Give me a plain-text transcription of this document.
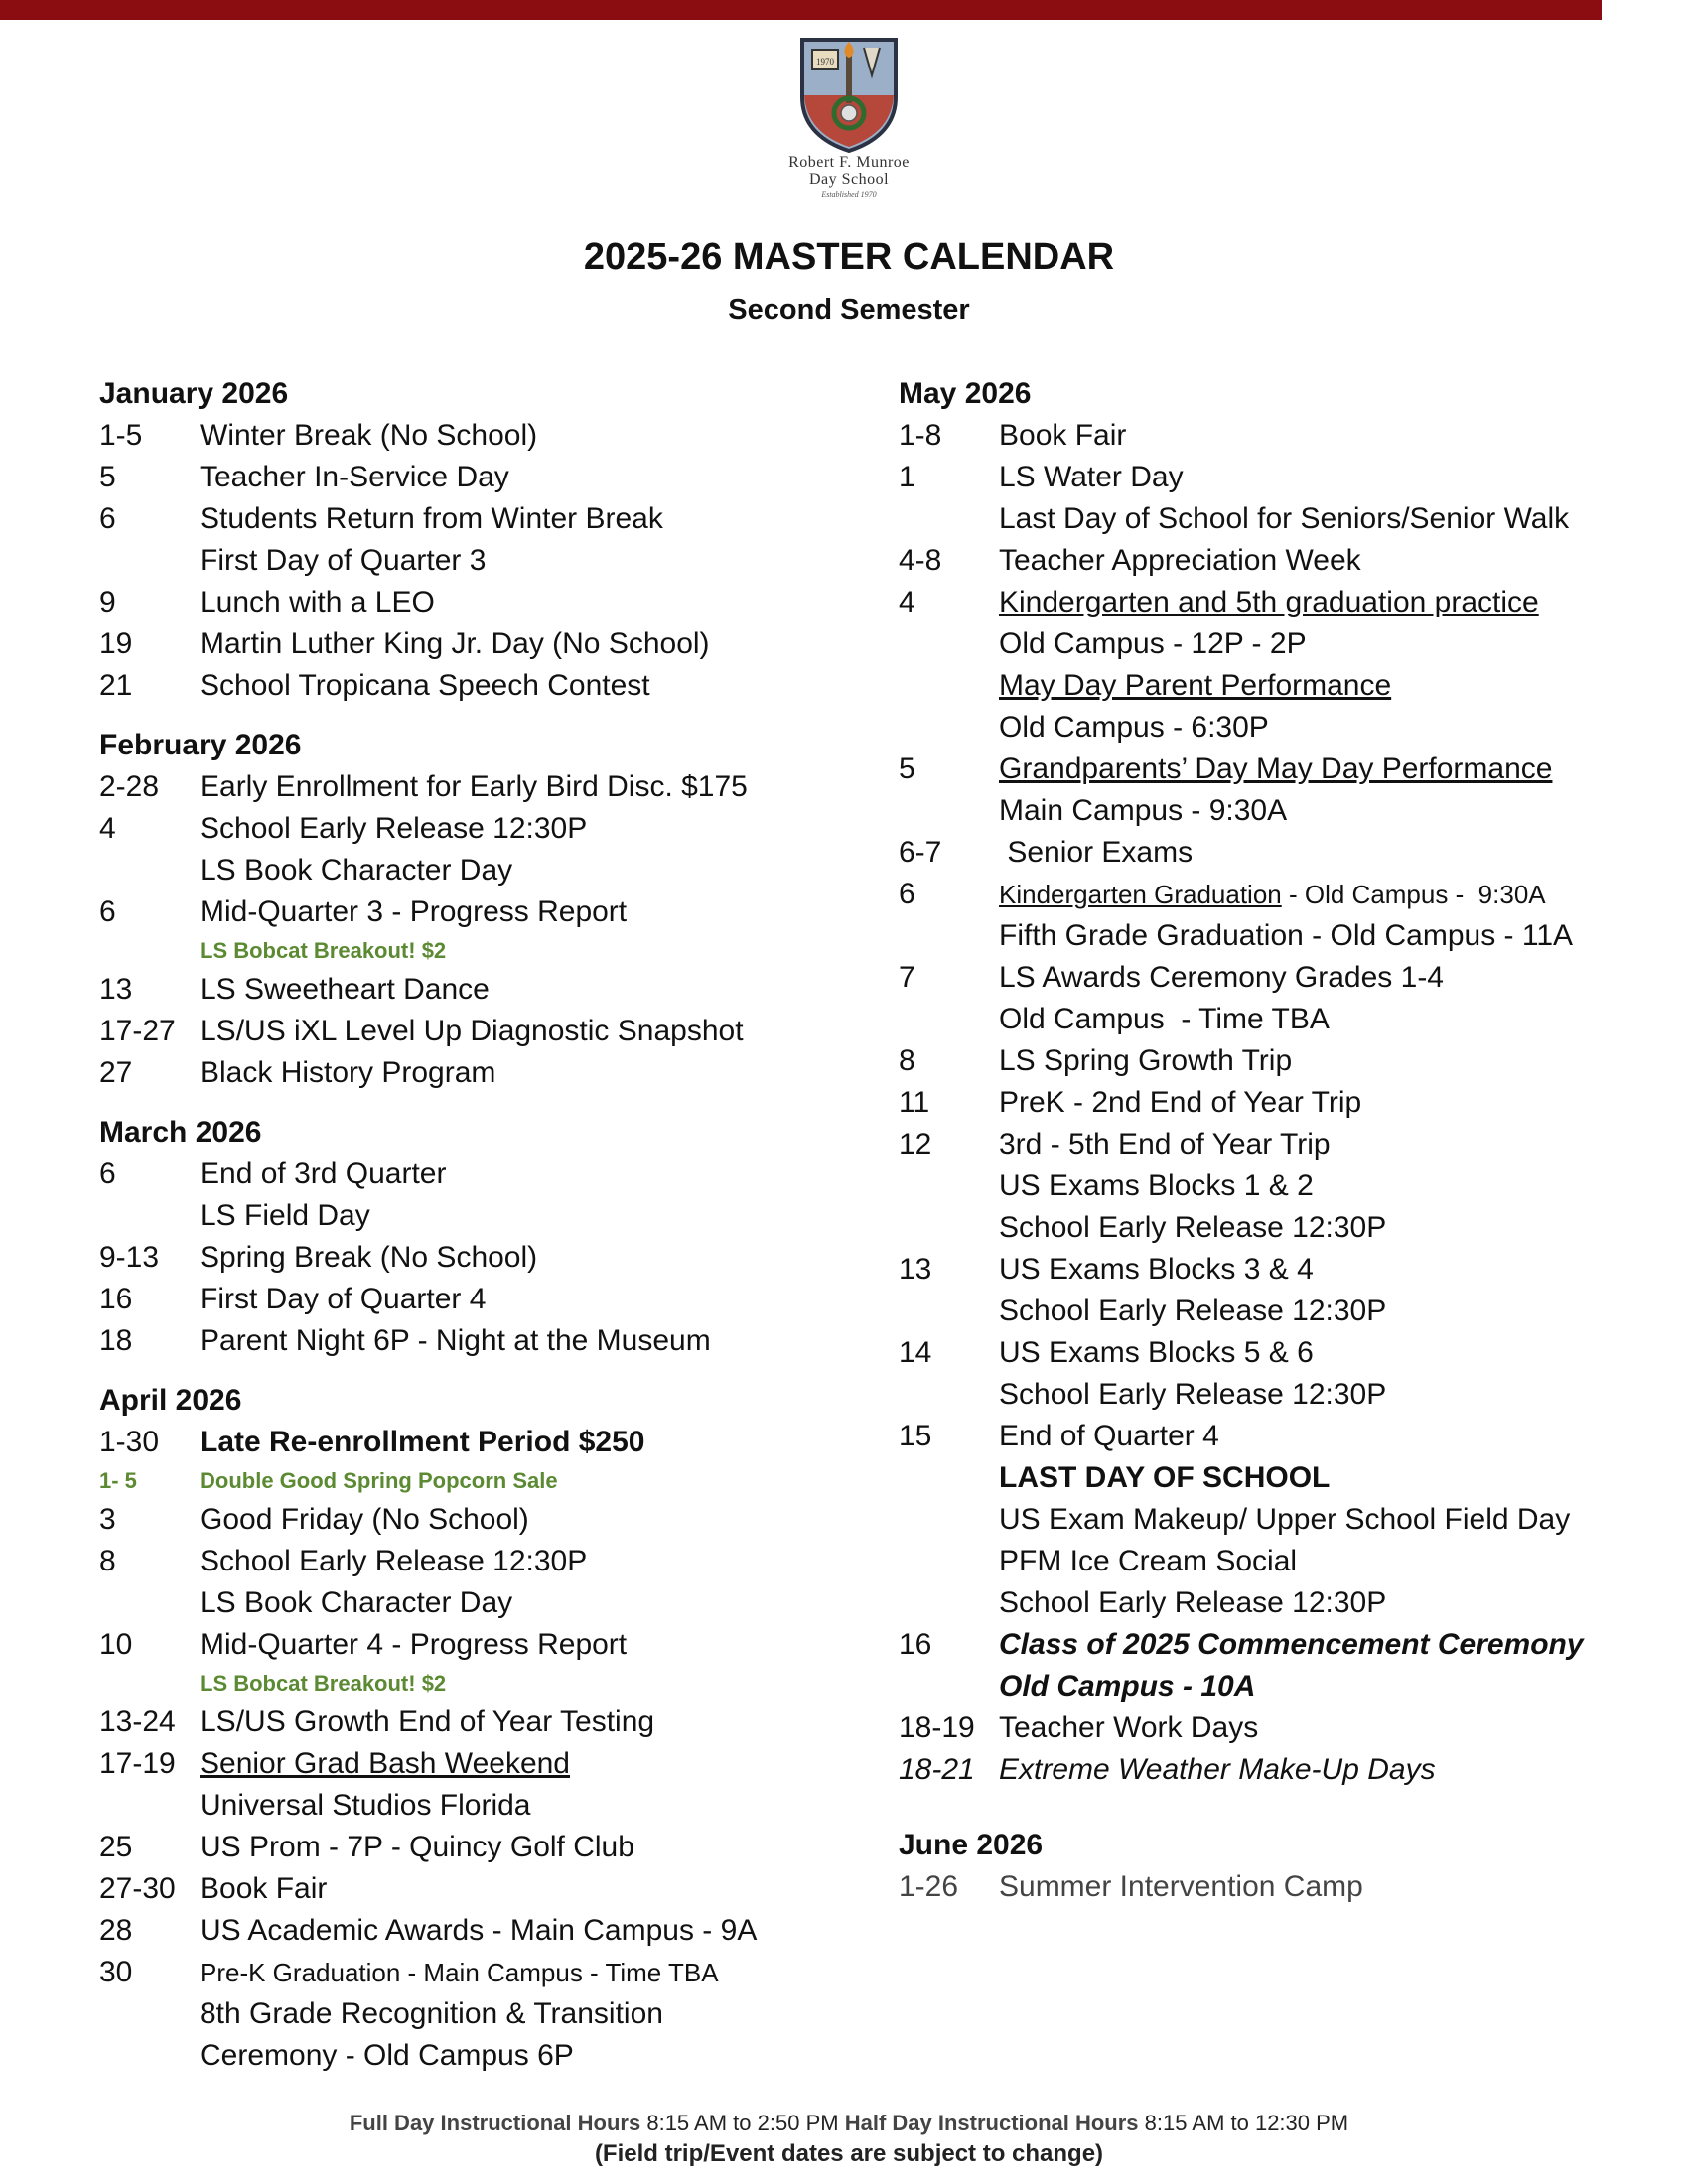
1970
Robert F. Munroe
Day School
Established 1970
2025-26 MASTER CALENDAR
Second Semester
January 2026
1-5	Winter Break (No School)
5	Teacher In-Service Day
6	Students Return from Winter Break
First Day of Quarter 3
9	Lunch with a LEO
19	Martin Luther King Jr. Day (No School)
21	School Tropicana Speech Contest
February 2026
2-28	Early Enrollment for Early Bird Disc. $175
4	School Early Release 12:30P
LS Book Character Day
6	Mid-Quarter 3 - Progress Report
LS Bobcat Breakout! $2
13	LS Sweetheart Dance
17-27 LS/US iXL Level Up Diagnostic Snapshot
27	Black History Program
March 2026
6	End of 3rd Quarter
LS Field Day
9-13	Spring Break (No School)
16	First Day of Quarter 4
18	Parent Night 6P - Night at the Museum
April 2026
1-30	Late Re-enrollment Period $250
1- 5	Double Good Spring Popcorn Sale
3	Good Friday (No School)
8	School Early Release 12:30P
LS Book Character Day
10	Mid-Quarter 4 - Progress Report
LS Bobcat Breakout! $2
13-24 LS/US Growth End of Year Testing
17-19 Senior Grad Bash Weekend
Universal Studios Florida
25	US Prom - 7P - Quincy Golf Club
27-30 Book Fair
28	US Academic Awards - Main Campus - 9A
30	Pre-K Graduation - Main Campus - Time TBA
8th Grade Recognition & Transition
Ceremony - Old Campus 6P
May 2026
1-8	Book Fair
1	LS Water Day
Last Day of School for Seniors/Senior Walk
4-8	Teacher Appreciation Week
4	Kindergarten and 5th graduation practice
Old Campus - 12P - 2P
May Day Parent Performance
Old Campus - 6:30P
5	Grandparents’ Day May Day Performance
Main Campus - 9:30A
6-7	Senior Exams
6	Kindergarten Graduation - Old Campus -  9:30A
Fifth Grade Graduation - Old Campus - 11A
7	LS Awards Ceremony Grades 1-4
Old Campus  - Time TBA
8	LS Spring Growth Trip
11	PreK - 2nd End of Year Trip
12	3rd - 5th End of Year Trip
US Exams Blocks 1 & 2
School Early Release 12:30P
13	US Exams Blocks 3 & 4
School Early Release 12:30P
14	US Exams Blocks 5 & 6
School Early Release 12:30P
15	End of Quarter 4
LAST DAY OF SCHOOL
US Exam Makeup/ Upper School Field Day
PFM Ice Cream Social
School Early Release 12:30P
16	Class of 2025 Commencement Ceremony
Old Campus - 10A
18-19 Teacher Work Days
18-21 Extreme Weather Make-Up Days
June 2026
1-26	Summer Intervention Camp
Full Day Instructional Hours 8:15 AM to 2:50 PM Half Day Instructional Hours 8:15 AM to 12:30 PM
(Field trip/Event dates are subject to change)
